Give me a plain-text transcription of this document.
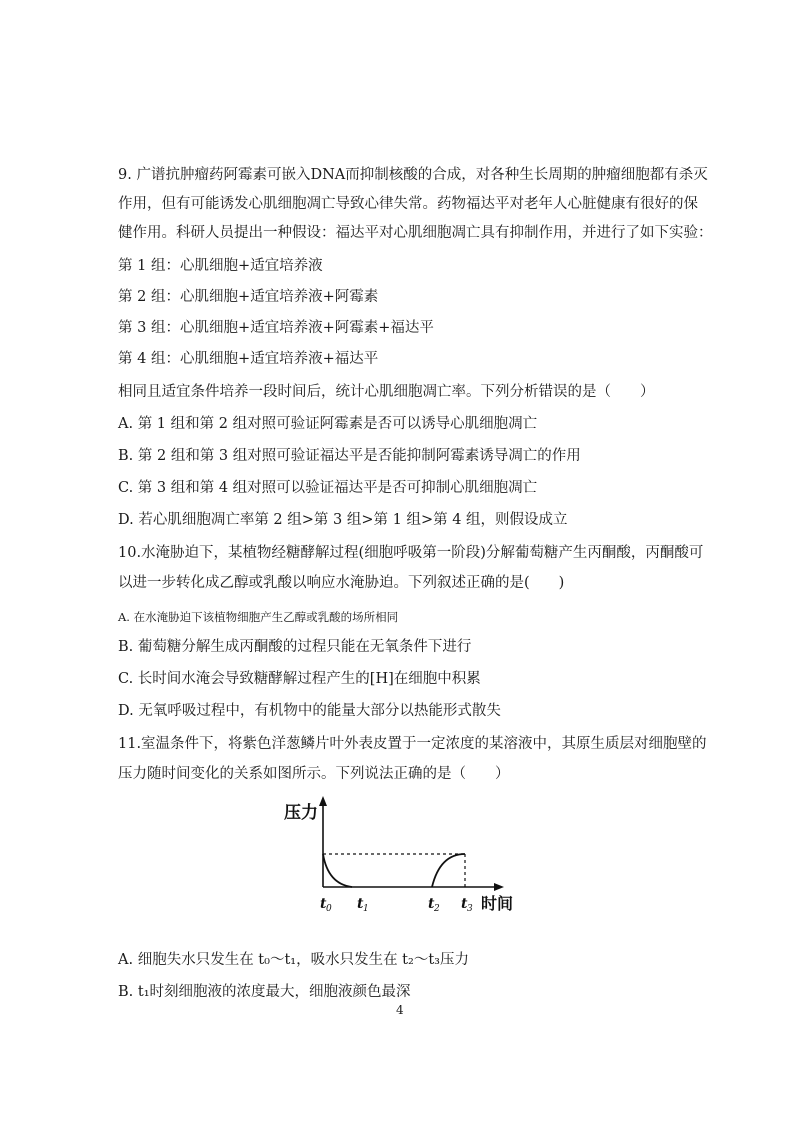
9. 广谱抗肿瘤药阿霉素可嵌入DNA而抑制核酸的合成，对各种生长周期的肿瘤细胞都有杀灭
作用，但有可能诱发心肌细胞凋亡导致心律失常。药物福达平对老年人心脏健康有很好的保
健作用。科研人员提出一种假设：福达平对心肌细胞凋亡具有抑制作用，并进行了如下实验：
第 1 组：心肌细胞+适宜培养液
第 2 组：心肌细胞+适宜培养液+阿霉素
第 3 组：心肌细胞+适宜培养液+阿霉素+福达平
第 4 组：心肌细胞+适宜培养液+福达平
相同且适宜条件培养一段时间后，统计心肌细胞凋亡率。下列分析错误的是（　　）
A. 第 1 组和第 2 组对照可验证阿霉素是否可以诱导心肌细胞凋亡
B. 第 2 组和第 3 组对照可验证福达平是否能抑制阿霉素诱导凋亡的作用
C. 第 3 组和第 4 组对照可以验证福达平是否可抑制心肌细胞凋亡
D. 若心肌细胞凋亡率第 2 组>第 3 组>第 1 组>第 4 组，则假设成立
10.水淹胁迫下，某植物经糖酵解过程(细胞呼吸第一阶段)分解葡萄糖产生丙酮酸，丙酮酸可
以进一步转化成乙醇或乳酸以响应水淹胁迫。下列叙述正确的是(　　)
A. 在水淹胁迫下该植物细胞产生乙醇或乳酸的场所相同
B. 葡萄糖分解生成丙酮酸的过程只能在无氧条件下进行
C. 长时间水淹会导致糖酵解过程产生的[H]在细胞中积累
D. 无氧呼吸过程中，有机物中的能量大部分以热能形式散失
11.室温条件下，将紫色洋葱鳞片叶外表皮置于一定浓度的某溶液中，其原生质层对细胞壁的
压力随时间变化的关系如图所示。下列说法正确的是（　　）
压力
时间
t 0 t 1	t 2 t 3
A. 细胞失水只发生在 t₀～t₁，吸水只发生在 t₂～t₃压力
B. t₁时刻细胞液的浓度最大，细胞液颜色最深
4
